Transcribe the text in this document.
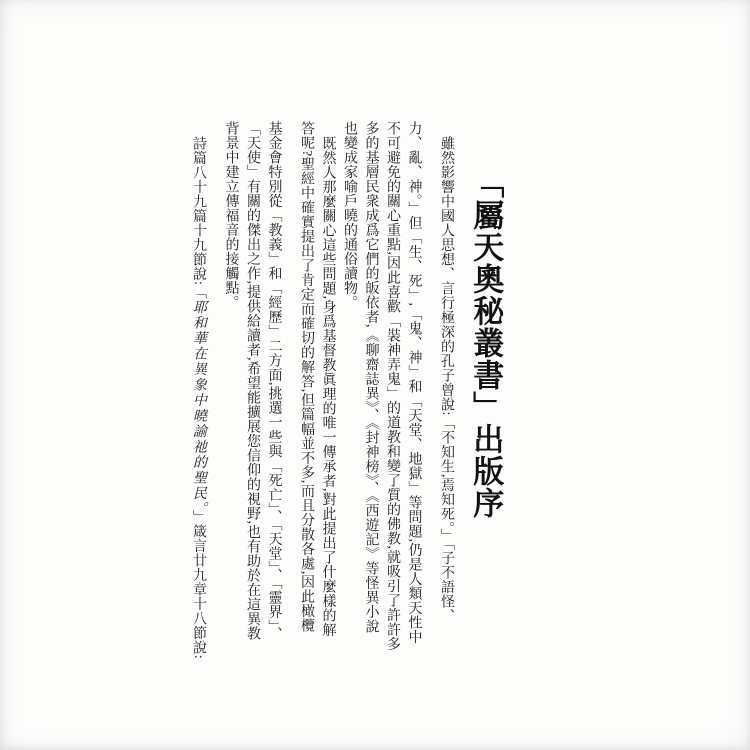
「屬天奧秘叢書」出版序
雖然影響中國人思想、言行極深的孔子曾說:「不知生,焉知死。」「子不語怪、
力、亂、神。」但「生、死」,「鬼、神」和「天堂、地獄」等問題,仍是人類天性中
不可避免的關心重點,因此喜歡「裝神弄鬼」的道教和變了質的佛教,就吸引了許許多
多的基層民衆成爲它們的皈依者,《聊齋誌異》、《封神榜》、《西遊記》等怪異小說
也變成家喻戶曉的通俗讀物。
既然人那麼關心這些問題,身爲基督教眞理的唯一傳承者,對此提出了什麼樣的解
答呢?聖經中確實提出了肯定而確切的解答,但篇幅並不多,而且分散各處,因此橄欖
基金會特別從「教義」和「經歷」二方面,挑選一些與「死亡」、「天堂」、「靈界」、
「天使」有關的傑出之作,提供給讀者,希望能擴展您信仰的視野,也有助於在這異教
背景中建立傳福音的接觸點。
詩篇八十九篇十九節說:「耶和華在異象中曉諭祂的聖民。」箴言廿九章十八節說:
